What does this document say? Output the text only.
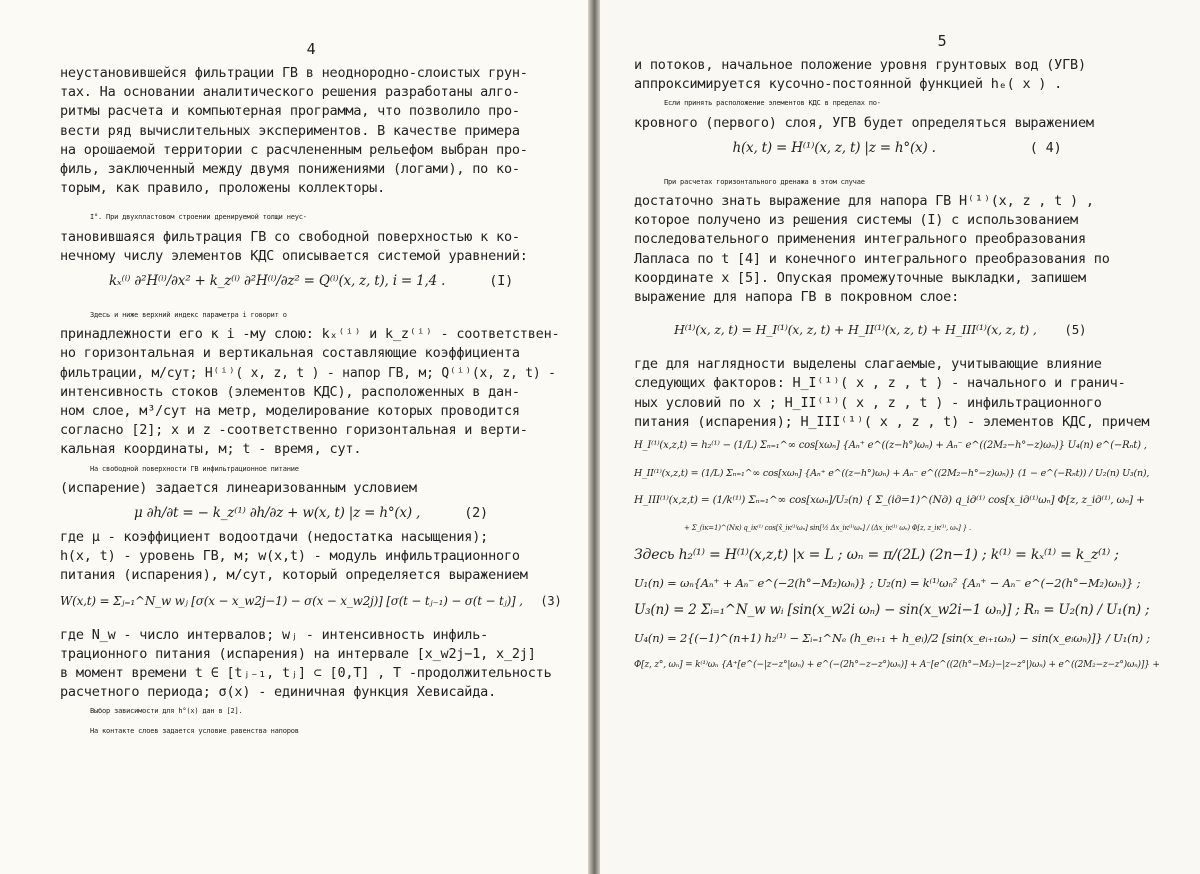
4
неустановившейся фильтрации ГВ в неоднородно-слоистых грун-
тах. На основании аналитического решения разработаны алго-
ритмы расчета и компьютерная программа, что позволило про-
вести ряд вычислительных экспериментов. В качестве примера
на орошаемой территории с расчлененным рельефом выбран про-
филь, заключенный между двумя понижениями (логами), по ко-
торым, как правило, проложены коллекторы.
I°. При двухпластовом строении дренируемой толщи неус-
тановившаяся фильтрация ГВ со свободной поверхностью к ко-
нечному числу элементов КДС описывается системой уравнений:
kₓ⁽ⁱ⁾ ∂²H⁽ⁱ⁾/∂x² + k_z⁽ⁱ⁾ ∂²H⁽ⁱ⁾/∂z² = Q⁽ⁱ⁾(x, z, t), i = 1,4 .	(I)
Здесь и ниже верхний индекс параметра i говорит о
принадлежности его к i -му слою: kₓ⁽ⁱ⁾ и k_z⁽ⁱ⁾ - соответствен-
но горизонтальная и вертикальная составляющие коэффициента
фильтрации, м/сут; H⁽ⁱ⁾( x, z, t ) - напор ГВ, м; Q⁽ⁱ⁾(x, z, t) -
интенсивность стоков (элементов КДС), расположенных в дан-
ном слое, м³/сут на метр, моделирование которых проводится
согласно [2]; x и z -соответственно горизонтальная и верти-
кальная координаты, м; t - время, сут.
На свободной поверхности ГВ инфильтрационное питание
(испарение) задается линеаризованным условием
μ ∂h/∂t = − k_z⁽¹⁾ ∂h/∂z + w(x, t) |z = h°(x) ,	(2)
где μ - коэффициент водоотдачи (недостатка насыщения);
h(x, t) - уровень ГВ, м; w(x,t) - модуль инфильтрационного
питания (испарения), м/сут, который определяется выражением
W(x,t) = Σⱼ₌₁^N_w wⱼ [σ(x − x_w2j−1) − σ(x − x_w2j)] [σ(t − tⱼ₋₁) − σ(t − tⱼ)] , (3)
где N_w - число интервалов; wⱼ - интенсивность инфиль-
трационного питания (испарения) на интервале [x_w2j−1, x_2j]
в момент времени t ∈ [tⱼ₋₁, tⱼ] ⊂ [0,T] , T -продолжительность
расчетного периода; σ(x) - единичная функция Хевисайда.
Выбор зависимости для h°(x) дан в [2].
На контакте слоев задается условие равенства напоров
5
и потоков, начальное положение уровня грунтовых вод (УГВ)
аппроксимируется кусочно-постоянной функцией hₑ( x ) .
Если принять расположение элементов КДС в пределах по-
кровного (первого) слоя, УГВ будет определяться выражением
h(x, t) = H⁽¹⁾(x, z, t) |z = h°(x) .	( 4)
При расчетах горизонтального дренажа в этом случае
достаточно знать выражение для напора ГВ H⁽¹⁾(x, z , t ) ,
которое получено из решения системы (I) с использованием
последовательного применения интегрального преобразования
Лапласа по t [4] и конечного интегрального преобразования по
координате x [5]. Опуская промежуточные выкладки, запишем
выражение для напора ГВ в покровном слое:
H⁽¹⁾(x, z, t) = H_I⁽¹⁾(x, z, t) + H_II⁽¹⁾(x, z, t) + H_III⁽¹⁾(x, z, t) , (5)
где для наглядности выделены слагаемые, учитывающие влияние
следующих факторов: H_I⁽¹⁾( x , z , t ) - начального и гранич-
ных условий по x ; H_II⁽¹⁾( x , z , t ) - инфильтрационного
питания (испарения); H_III⁽¹⁾( x , z , t) - элементов КДС, причем
H_I⁽¹⁾(x,z,t) = h₂⁽¹⁾ − (1/L) Σₙ₌₁^∞ cos[xωₙ] {Aₙ⁺ e^((z−h°)ωₙ) + Aₙ⁻ e^((2M₂−h°−z)ωₙ)} U₄(n) e^(−Rₙt) ,
H_II⁽¹⁾(x,z,t) = (1/L) Σₙ₌₁^∞ cos[xωₙ] {Aₙ⁺ e^((z−h°)ωₙ) + Aₙ⁻ e^((2M₂−h°−z)ωₙ)} (1 − e^(−Rₙt)) / U₂(n) U₃(n),
H_III⁽¹⁾(x,z,t) = (1/k⁽¹⁾) Σₙ₌₁^∞ cos[xωₙ]/U₂(n) { Σ_(iд=1)^(Nд) q_iд⁽¹⁾ cos[x_iд⁽¹⁾ωₙ] Φ[z, z_iд⁽¹⁾, ωₙ] +
+ Σ_(iк=1)^(Nк) q_iк⁽¹⁾ cos[x̄_iк⁽¹⁾ωₙ] sin[½ Δx_iк⁽¹⁾ωₙ] / (Δx_iк⁽¹⁾ ωₙ) Φ[z, z_iк⁽¹⁾, ωₙ] } .
Здесь h₂⁽¹⁾ = H⁽¹⁾(x,z,t) |x = L ; ωₙ = π/(2L) (2n−1) ; k⁽¹⁾ = kₓ⁽¹⁾ = k_z⁽¹⁾ ;
U₁(n) = ωₙ{Aₙ⁺ + Aₙ⁻ e^(−2(h°−M₂)ωₙ)} ; U₂(n) = k⁽¹⁾ωₙ² {Aₙ⁺ − Aₙ⁻ e^(−2(h°−M₂)ωₙ)} ;
U₃(n) = 2 Σᵢ₌₁^N_w wᵢ [sin(x_w2i ωₙ) − sin(x_w2i−1 ωₙ)] ; Rₙ = U₂(n) / U₁(n) ;
U₄(n) = 2{(−1)^(n+1) h₂⁽¹⁾ − Σᵢ₌₁^Nₑ (h_eᵢ₊₁ + h_eᵢ)/2 [sin(x_eᵢ₊₁ωₙ) − sin(x_eᵢωₙ)]} / U₁(n) ;
Φ[z, z°, ωₙ] = k⁽¹⁾ωₙ {A⁺[e^(−|z−z°|ωₙ) + e^(−(2h°−z−z°)ωₙ)] + A⁻[e^((2(h°−M₂)−|z−z°|)ωₙ) + e^((2M₂−z−z°)ωₙ)]} +
